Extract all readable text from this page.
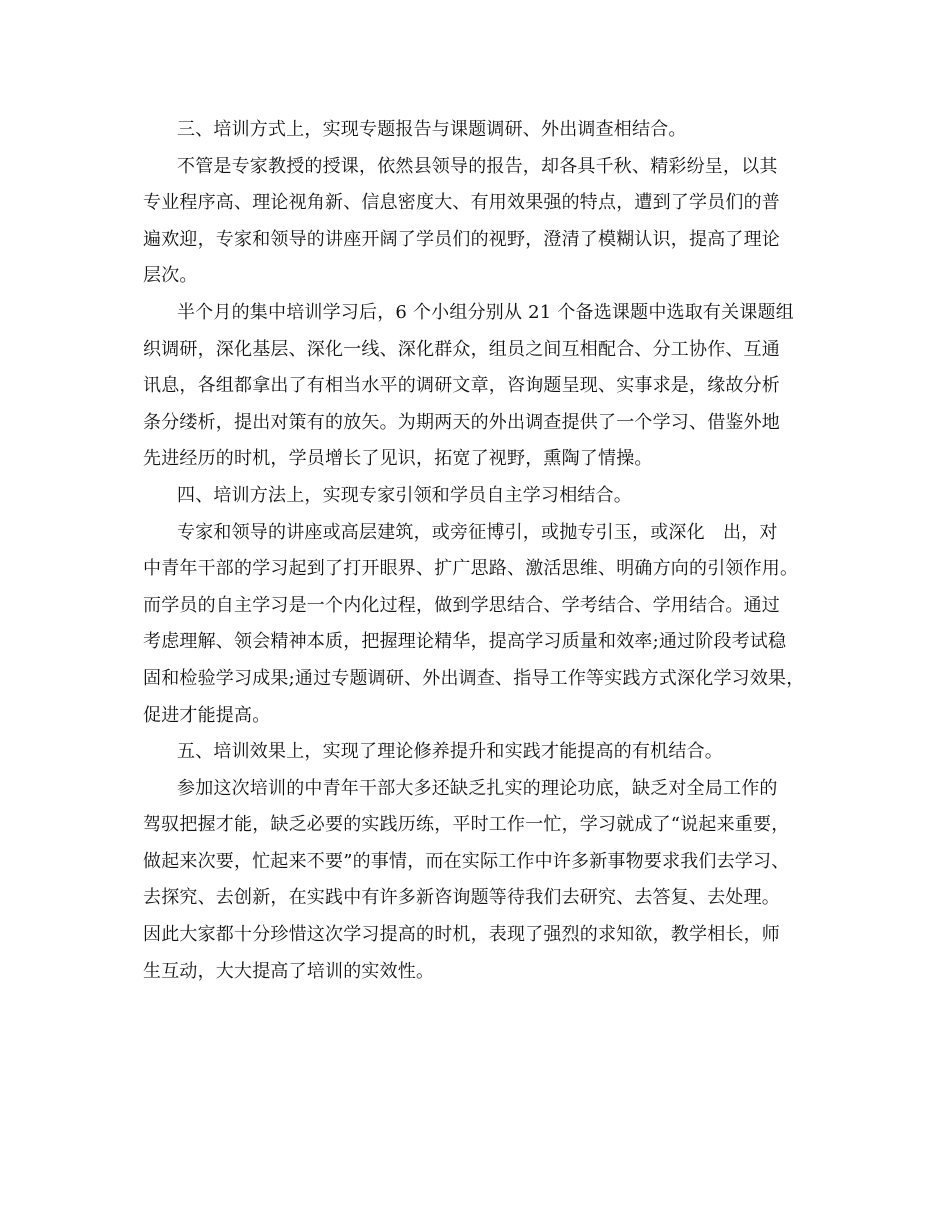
三、培训方式上，实现专题报告与课题调研、外出调查相结合。
不管是专家教授的授课，依然县领导的报告，却各具千秋、精彩纷呈，以其
专业程序高、理论视角新、信息密度大、有用效果强的特点，遭到了学员们的普
遍欢迎，专家和领导的讲座开阔了学员们的视野，澄清了模糊认识，提高了理论
层次。
半个月的集中培训学习后，6 个小组分别从 21 个备选课题中选取有关课题组
织调研，深化基层、深化一线、深化群众，组员之间互相配合、分工协作、互通
讯息，各组都拿出了有相当水平的调研文章，咨询题呈现、实事求是，缘故分析
条分缕析，提出对策有的放矢。为期两天的外出调查提供了一个学习、借鉴外地
先进经历的时机，学员增长了见识，拓宽了视野，熏陶了情操。
四、培训方法上，实现专家引领和学员自主学习相结合。
专家和领导的讲座或高层建筑，或旁征博引，或抛专引玉，或深化　出，对
中青年干部的学习起到了打开眼界、扩广思路、激活思维、明确方向的引领作用。
而学员的自主学习是一个内化过程，做到学思结合、学考结合、学用结合。通过
考虑理解、领会精神本质，把握理论精华，提高学习质量和效率;通过阶段考试稳
固和检验学习成果;通过专题调研、外出调查、指导工作等实践方式深化学习效果，
促进才能提高。
五、培训效果上，实现了理论修养提升和实践才能提高的有机结合。
参加这次培训的中青年干部大多还缺乏扎实的理论功底，缺乏对全局工作的
驾驭把握才能，缺乏必要的实践历练，平时工作一忙，学习就成了“说起来重要，
做起来次要，忙起来不要”的事情，而在实际工作中许多新事物要求我们去学习、
去探究、去创新，在实践中有许多新咨询题等待我们去研究、去答复、去处理。
因此大家都十分珍惜这次学习提高的时机，表现了强烈的求知欲，教学相长，师
生互动，大大提高了培训的实效性。
